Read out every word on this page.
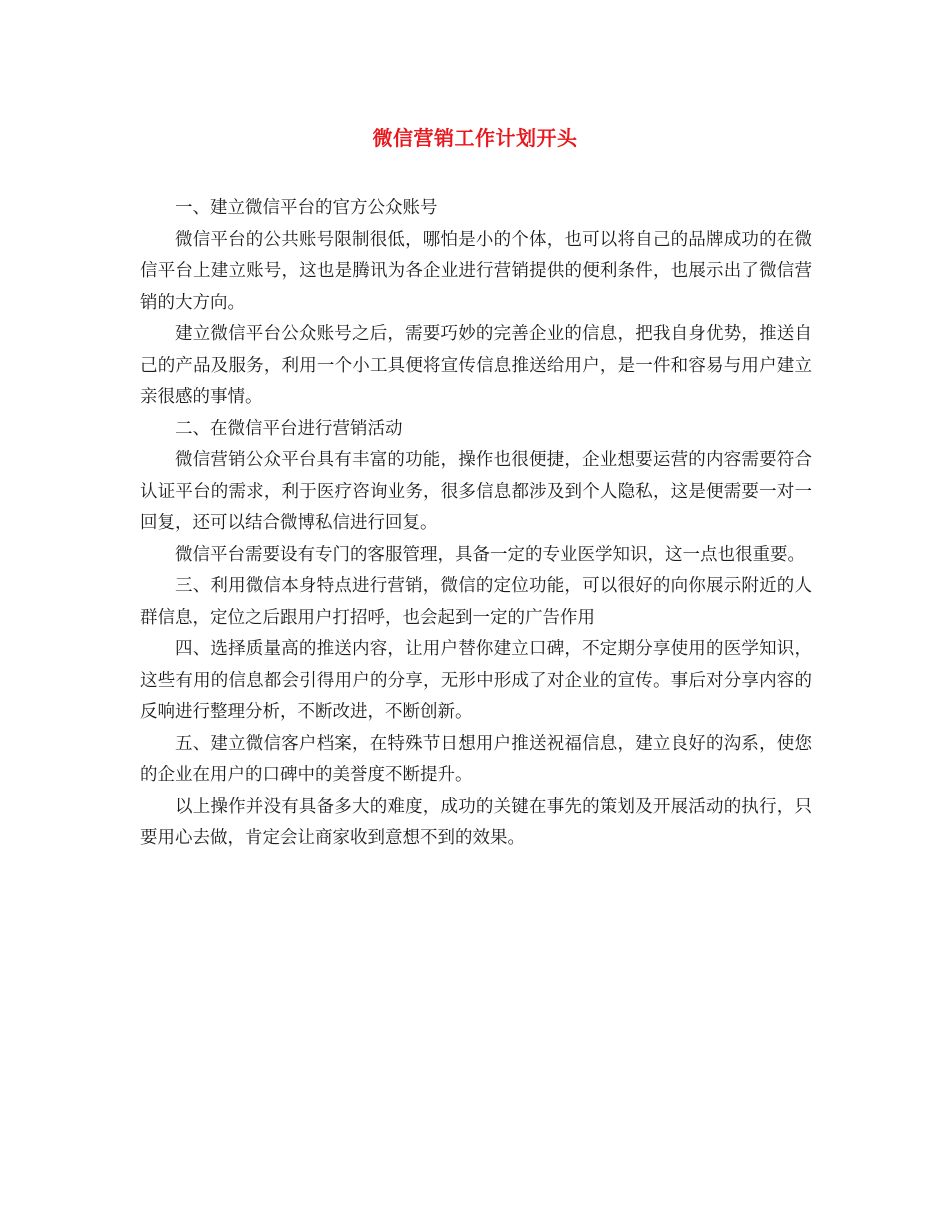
微信营销工作计划开头

一、建立微信平台的官方公众账号

微信平台的公共账号限制很低，哪怕是小的个体，也可以将自己的品牌成功的在微信平台上建立账号，这也是腾讯为各企业进行营销提供的便利条件，也展示出了微信营销的大方向。

建立微信平台公众账号之后，需要巧妙的完善企业的信息，把我自身优势，推送自己的产品及服务，利用一个小工具便将宣传信息推送给用户，是一件和容易与用户建立亲很感的事情。

二、在微信平台进行营销活动

微信营销公众平台具有丰富的功能，操作也很便捷，企业想要运营的内容需要符合认证平台的需求，利于医疗咨询业务，很多信息都涉及到个人隐私，这是便需要一对一回复，还可以结合微博私信进行回复。

微信平台需要设有专门的客服管理，具备一定的专业医学知识，这一点也很重要。

三、利用微信本身特点进行营销，微信的定位功能，可以很好的向你展示附近的人群信息，定位之后跟用户打招呼，也会起到一定的广告作用

四、选择质量高的推送内容，让用户替你建立口碑，不定期分享使用的医学知识，这些有用的信息都会引得用户的分享，无形中形成了对企业的宣传。事后对分享内容的反响进行整理分析，不断改进，不断创新。

五、建立微信客户档案，在特殊节日想用户推送祝福信息，建立良好的沟系，使您的企业在用户的口碑中的美誉度不断提升。

以上操作并没有具备多大的难度，成功的关键在事先的策划及开展活动的执行，只要用心去做，肯定会让商家收到意想不到的效果。
